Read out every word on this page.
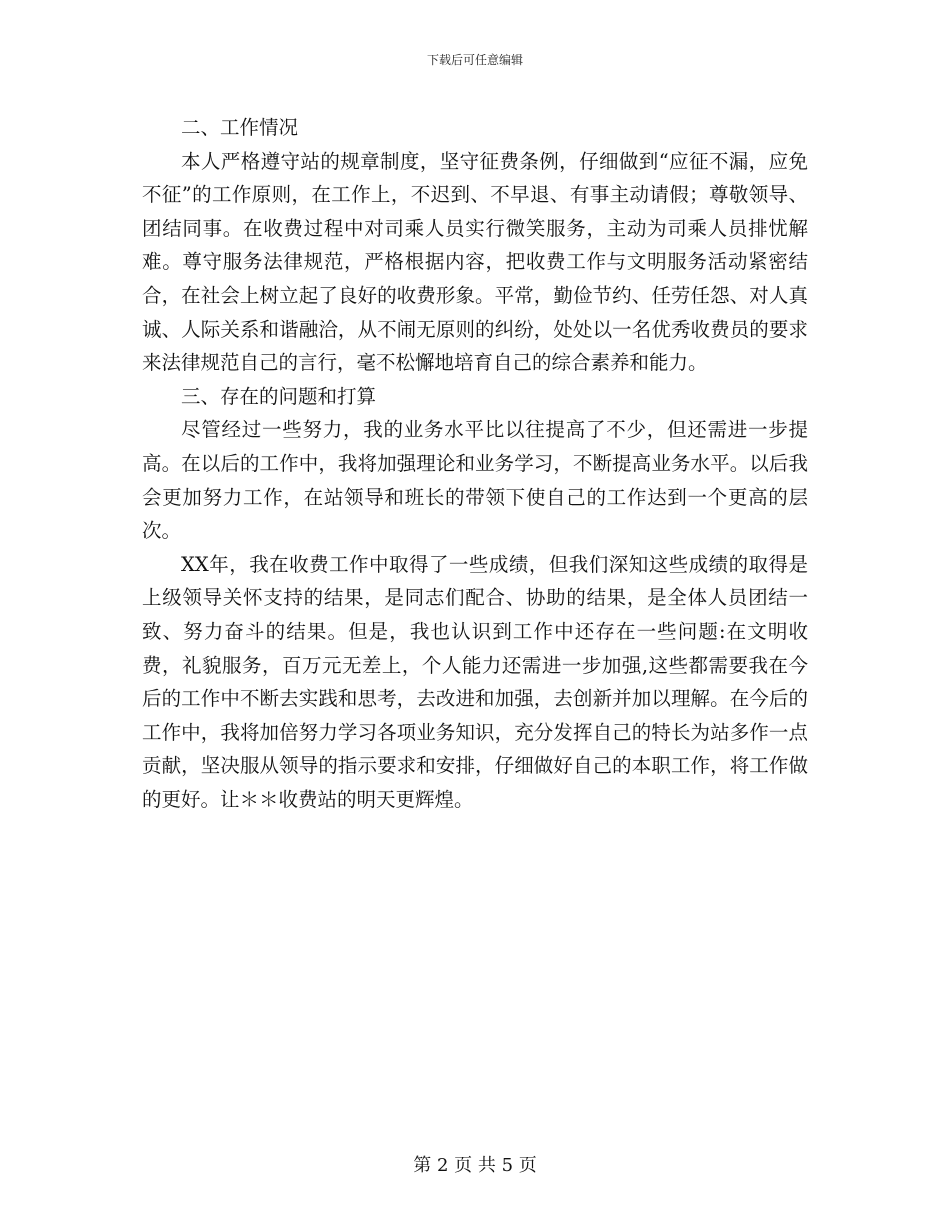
下载后可任意编辑

二、工作情况

本人严格遵守站的规章制度，坚守征费条例，仔细做到“应征不漏，应免不征”的工作原则，在工作上，不迟到、不早退、有事主动请假；尊敬领导、团结同事。在收费过程中对司乘人员实行微笑服务，主动为司乘人员排忧解难。尊守服务法律规范，严格根据内容，把收费工作与文明服务活动紧密结合，在社会上树立起了良好的收费形象。平常，勤俭节约、任劳任怨、对人真诚、人际关系和谐融洽，从不闹无原则的纠纷，处处以一名优秀收费员的要求来法律规范自己的言行，毫不松懈地培育自己的综合素养和能力。

三、存在的问题和打算

尽管经过一些努力，我的业务水平比以往提高了不少，但还需进一步提高。在以后的工作中，我将加强理论和业务学习，不断提高业务水平。以后我会更加努力工作，在站领导和班长的带领下使自己的工作达到一个更高的层次。

XX年，我在收费工作中取得了一些成绩，但我们深知这些成绩的取得是上级领导关怀支持的结果，是同志们配合、协助的结果，是全体人员团结一致、努力奋斗的结果。但是，我也认识到工作中还存在一些问题:在文明收费，礼貌服务，百万元无差上，个人能力还需进一步加强,这些都需要我在今后的工作中不断去实践和思考，去改进和加强，去创新并加以理解。在今后的工作中，我将加倍努力学习各项业务知识，充分发挥自己的特长为站多作一点贡献，坚决服从领导的指示要求和安排，仔细做好自己的本职工作，将工作做的更好。让＊＊收费站的明天更辉煌。

第 2 页 共 5 页
